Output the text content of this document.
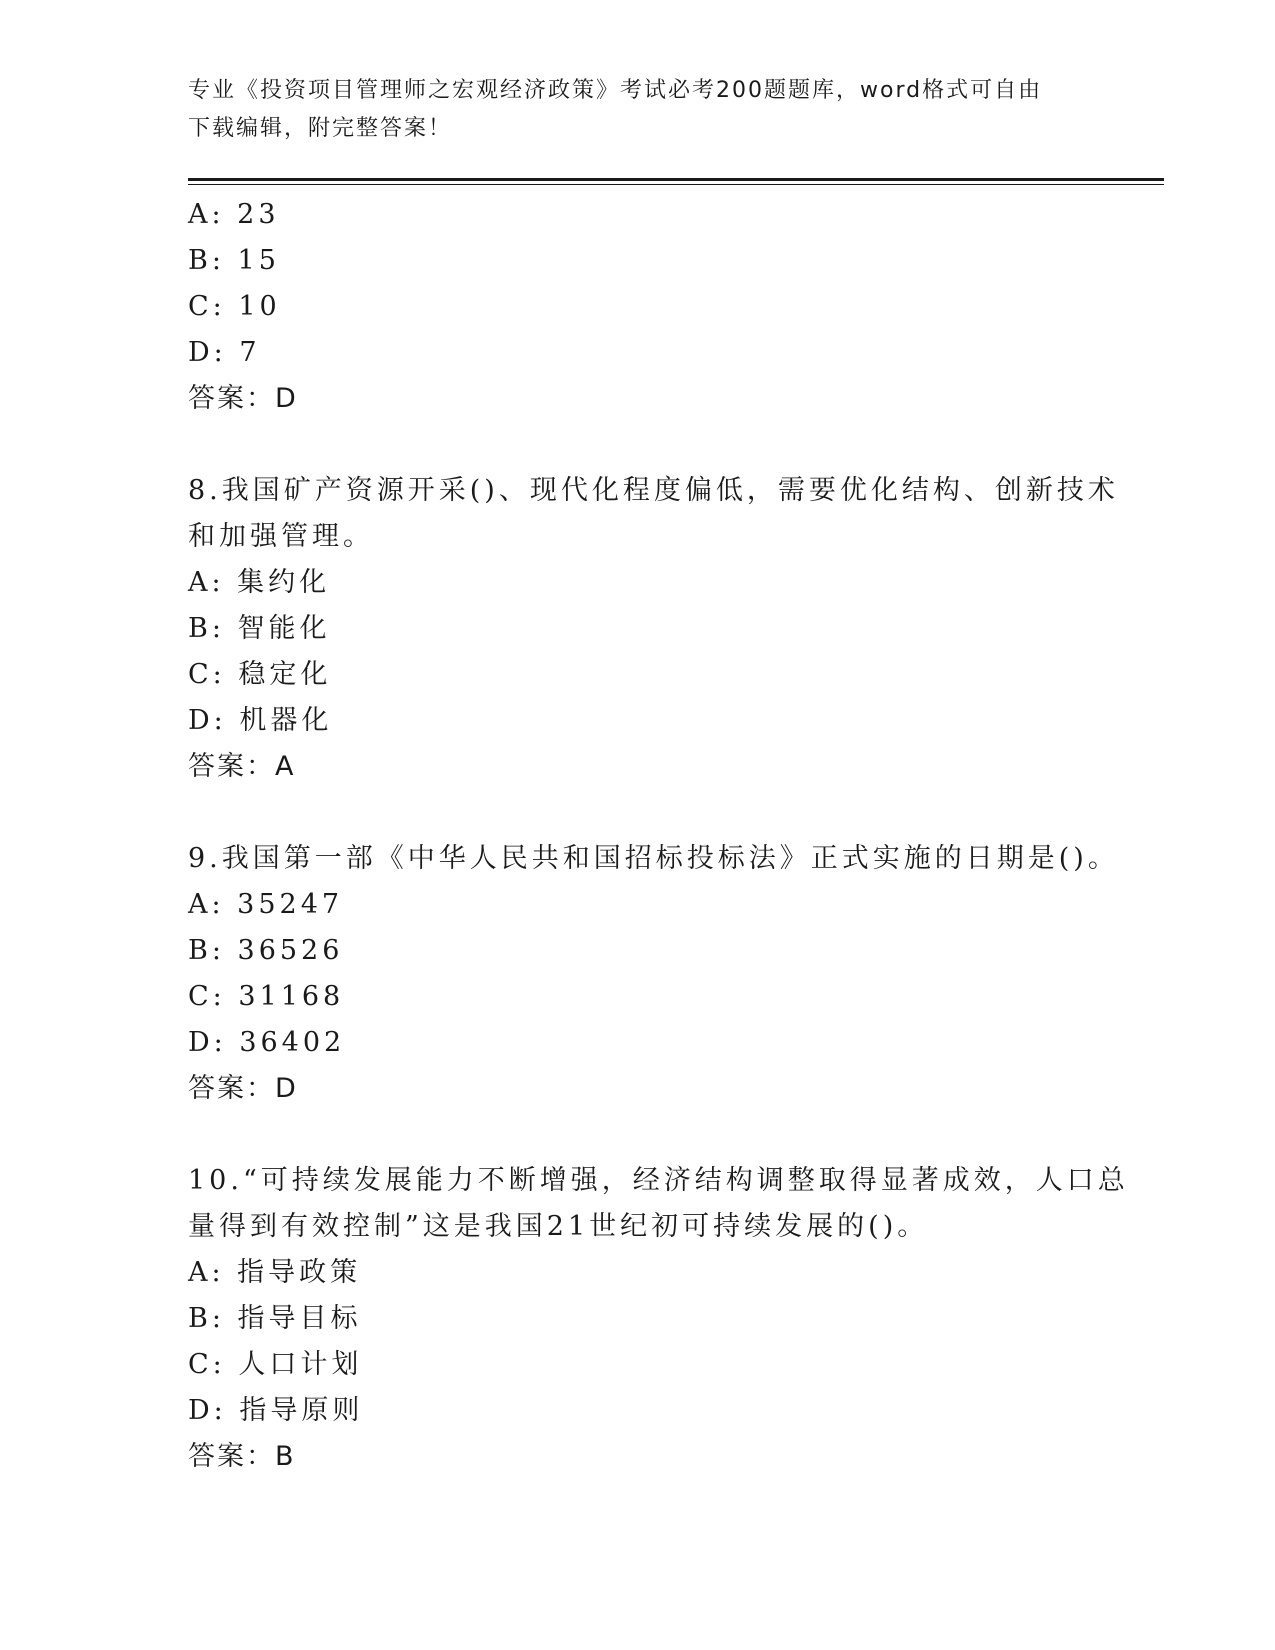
专业《投资项目管理师之宏观经济政策》考试必考200题题库，word格式可自由
下载编辑，附完整答案！
A: 23
B: 15
C: 10
D: 7
答案：D
8.我国矿产资源开采()、现代化程度偏低，需要优化结构、创新技术
和加强管理。
A: 集约化
B: 智能化
C: 稳定化
D: 机器化
答案：A
9.我国第一部《中华人民共和国招标投标法》正式实施的日期是()。
A: 35247
B: 36526
C: 31168
D: 36402
答案：D
10.“可持续发展能力不断增强，经济结构调整取得显著成效，人口总
量得到有效控制”这是我国21世纪初可持续发展的()。
A: 指导政策
B: 指导目标
C: 人口计划
D: 指导原则
答案：B
